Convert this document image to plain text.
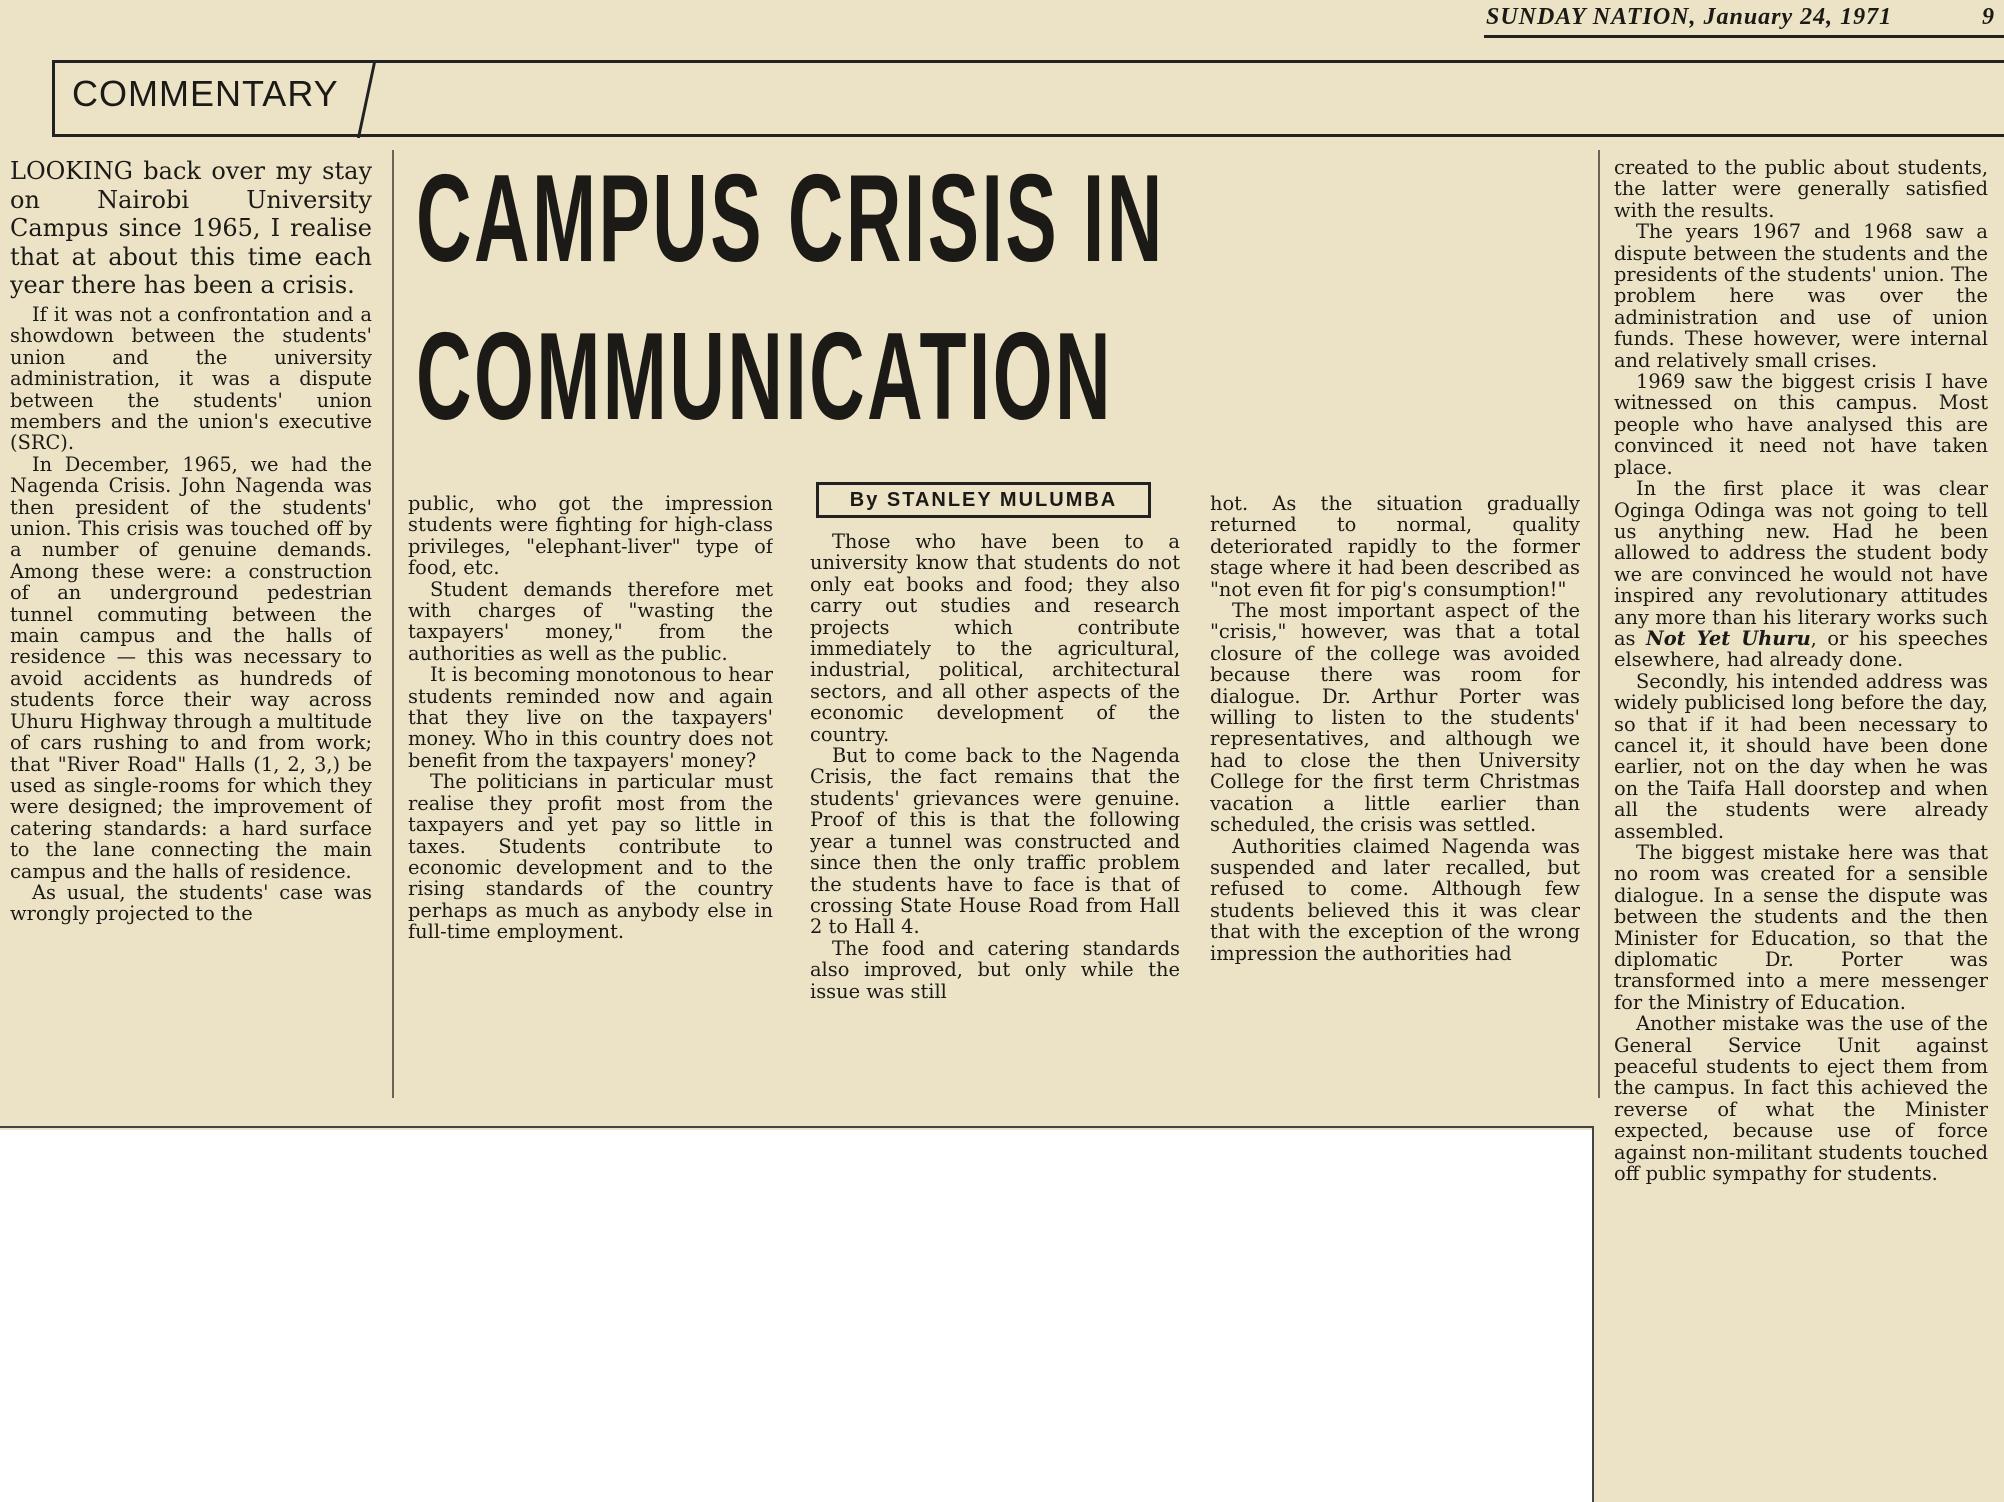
SUNDAY NATION, January 24, 1971	9
COMMENTARY
CAMPUS CRISIS IN
COMMUNICATION
By STANLEY MULUMBA

LOOKING back over my stay on Nairobi University Campus since 1965, I realise that at about this time each year there has been a crisis.

If it was not a confrontation and a showdown between the students' union and the university administration, it was a dispute between the students' union members and the union's executive (SRC).

In December, 1965, we had the Nagenda Crisis. John Nagenda was then president of the students' union. This crisis was touched off by a number of genuine demands. Among these were: a construction of an underground pedestrian tunnel commuting between the main campus and the halls of residence — this was necessary to avoid accidents as hundreds of students force their way across Uhuru Highway through a multitude of cars rushing to and from work; that "River Road" Halls (1, 2, 3,) be used as single-rooms for which they were designed; the improvement of catering standards: a hard surface to the lane connecting the main campus and the halls of residence.

As usual, the students' case was wrongly projected to the

public, who got the impression students were fighting for high-class privileges, "elephant-liver" type of food, etc.

Student demands therefore met with charges of "wasting the taxpayers' money," from the authorities as well as the public.

It is becoming monotonous to hear students reminded now and again that they live on the taxpayers' money. Who in this country does not benefit from the taxpayers' money?

The politicians in particular must realise they profit most from the taxpayers and yet pay so little in taxes. Students contribute to economic development and to the rising standards of the country perhaps as much as anybody else in full-time employment.

Those who have been to a university know that students do not only eat books and food; they also carry out studies and research projects which contribute immediately to the agricultural, industrial, political, architectural sectors, and all other aspects of the economic development of the country.

But to come back to the Nagenda Crisis, the fact remains that the students' grievances were genuine. Proof of this is that the following year a tunnel was constructed and since then the only traffic problem the students have to face is that of crossing State House Road from Hall 2 to Hall 4.

The food and catering standards also improved, but only while the issue was still

hot. As the situation gradually returned to normal, quality deteriorated rapidly to the former stage where it had been described as "not even fit for pig's consumption!"

The most important aspect of the "crisis," however, was that a total closure of the college was avoided because there was room for dialogue. Dr. Arthur Porter was willing to listen to the students' representatives, and although we had to close the then University College for the first term Christmas vacation a little earlier than scheduled, the crisis was settled.

Authorities claimed Nagenda was suspended and later recalled, but refused to come. Although few students believed this it was clear that with the exception of the wrong impression the authorities had

created to the public about students, the latter were generally satisfied with the results.

The years 1967 and 1968 saw a dispute between the students and the presidents of the students' union. The problem here was over the administration and use of union funds. These however, were internal and relatively small crises.

1969 saw the biggest crisis I have witnessed on this campus. Most people who have analysed this are convinced it need not have taken place.

In the first place it was clear Oginga Odinga was not going to tell us anything new. Had he been allowed to address the student body we are convinced he would not have inspired any revolutionary attitudes any more than his literary works such as Not Yet Uhuru, or his speeches elsewhere, had already done.

Secondly, his intended address was widely publicised long before the day, so that if it had been necessary to cancel it, it should have been done earlier, not on the day when he was on the Taifa Hall doorstep and when all the students were already assembled.

The biggest mistake here was that no room was created for a sensible dialogue. In a sense the dispute was between the students and the then Minister for Education, so that the diplomatic Dr. Porter was transformed into a mere messenger for the Ministry of Education.

Another mistake was the use of the General Service Unit against peaceful students to eject them from the campus. In fact this achieved the reverse of what the Minister expected, because use of force against non-militant students touched off public sympathy for students.
